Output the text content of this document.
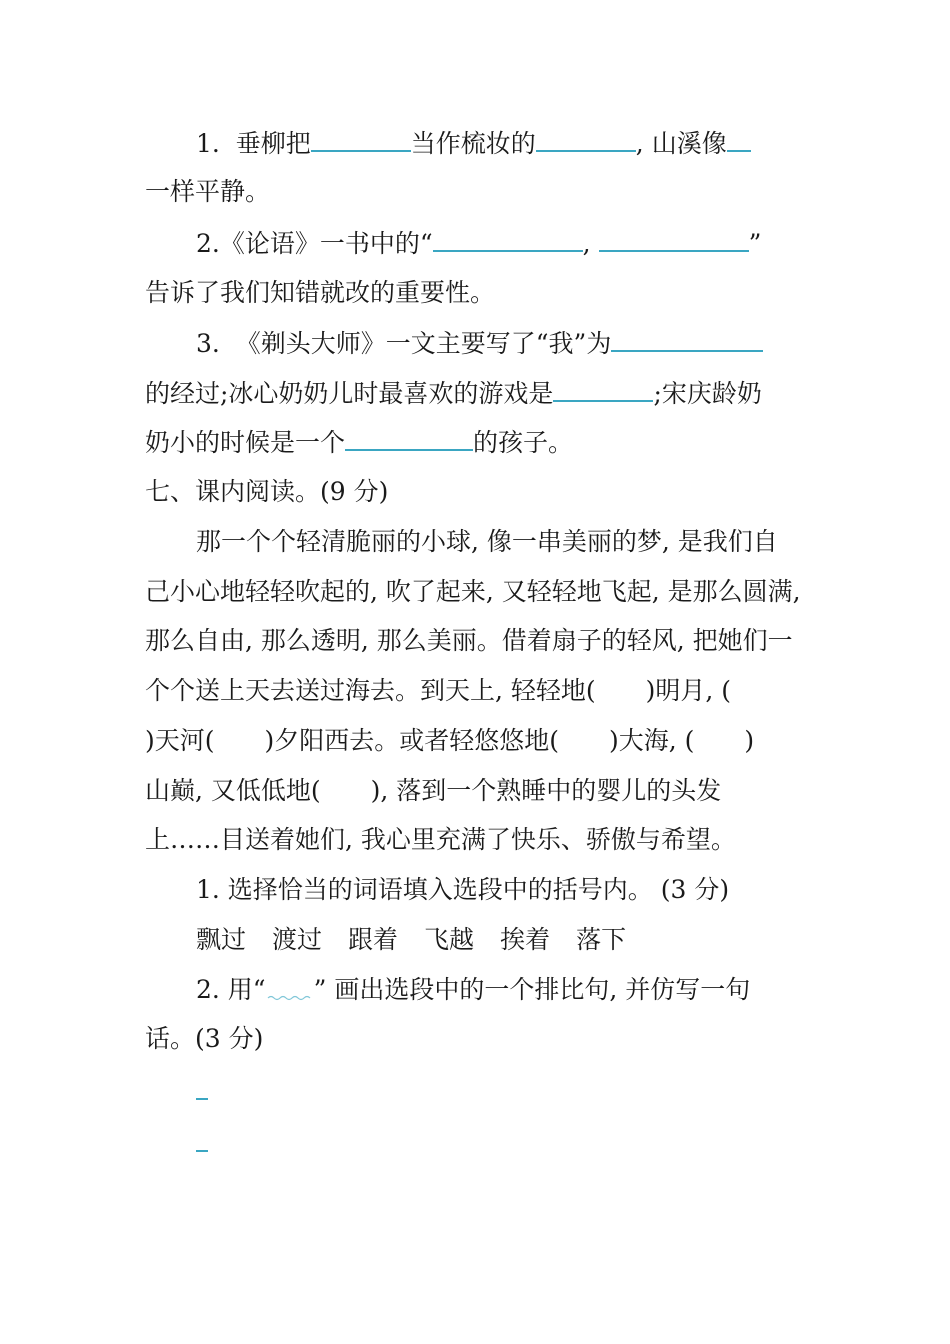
1. 垂柳把	当作梳妆的	, 山溪像
一样平静。
2.《论语》一书中的“	,	”
告诉了我们知错就改的重要性。
3. 《剃头大师》一文主要写了“我”为
的经过;冰心奶奶儿时最喜欢的游戏是	;宋庆龄奶
奶小的时候是一个	的孩子。
七、课内阅读。(9 分)
那一个个轻清脆丽的小球, 像一串美丽的梦, 是我们自
己小心地轻轻吹起的, 吹了起来, 又轻轻地飞起, 是那么圆满,
那么自由, 那么透明, 那么美丽。借着扇子的轻风, 把她们一
个个送上天去送过海去。到天上, 轻轻地(　　)明月, (
)天河(　　)夕阳西去。或者轻悠悠地(　　)大海, (　　)
山巅, 又低低地(　　), 落到一个熟睡中的婴儿的头发
上……目送着她们, 我心里充满了快乐、骄傲与希望。
1. 选择恰当的词语填入选段中的括号内。 (3 分)
飘过 渡过 跟着 飞越 挨着 落下
2. 用“ ” 画出选段中的一个排比句, 并仿写一句
话。(3 分)
